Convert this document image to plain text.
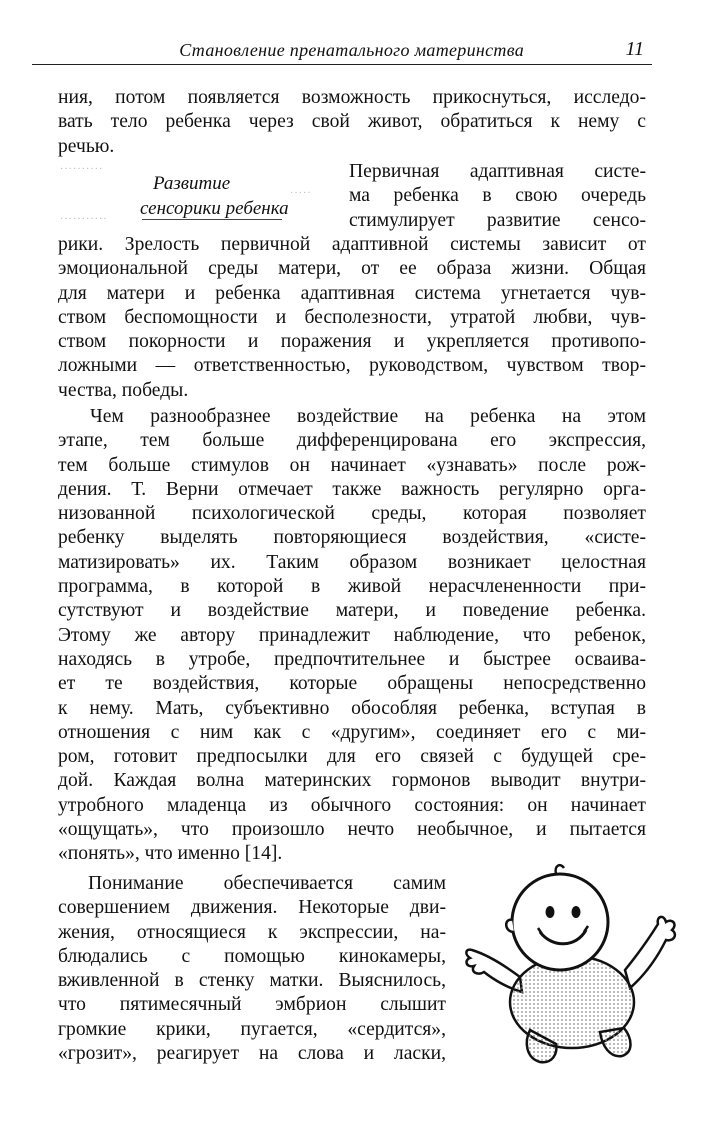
Становление пренатального материнства	11
ния, потом появляется возможность прикоснуться, исследо-
вать тело ребенка через свой живот, обратиться к нему с
речью.
··········
···········
·····
Развитие
сенсорики ребенка
Первичная адаптивная систе-
ма ребенка в свою очередь
стимулирует развитие сенсо-
рики. Зрелость первичной адаптивной системы зависит от
эмоциональной среды матери, от ее образа жизни. Общая
для матери и ребенка адаптивная система угнетается чув-
ством беспомощности и бесполезности, утратой любви, чув-
ством покорности и поражения и укрепляется противопо-
ложными — ответственностью, руководством, чувством твор-
чества, победы.
Чем разнообразнее воздействие на ребенка на этом
этапе, тем больше дифференцирована его экспрессия,
тем больше стимулов он начинает «узнавать» после рож-
дения. Т. Верни отмечает также важность регулярно орга-
низованной психологической среды, которая позволяет
ребенку выделять повторяющиеся воздействия, «систе-
матизировать» их. Таким образом возникает целостная
программа, в которой в живой нерасчлененности при-
сутствуют и воздействие матери, и поведение ребенка.
Этому же автору принадлежит наблюдение, что ребенок,
находясь в утробе, предпочтительнее и быстрее осваива-
ет те воздействия, которые обращены непосредственно
к нему. Мать, субъективно обособляя ребенка, вступая в
отношения с ним как с «другим», соединяет его с ми-
ром, готовит предпосылки для его связей с будущей сре-
дой. Каждая волна материнских гормонов выводит внутри-
утробного младенца из обычного состояния: он начинает
«ощущать», что произошло нечто необычное, и пытается
«понять», что именно [14].
Понимание обеспечивается самим
совершением движения. Некоторые дви-
жения, относящиеся к экспрессии, на-
блюдались с помощью кинокамеры,
вживленной в стенку матки. Выяснилось,
что пятимесячный эмбрион слышит
громкие крики, пугается, «сердится»,
«грозит», реагирует на слова и ласки,
